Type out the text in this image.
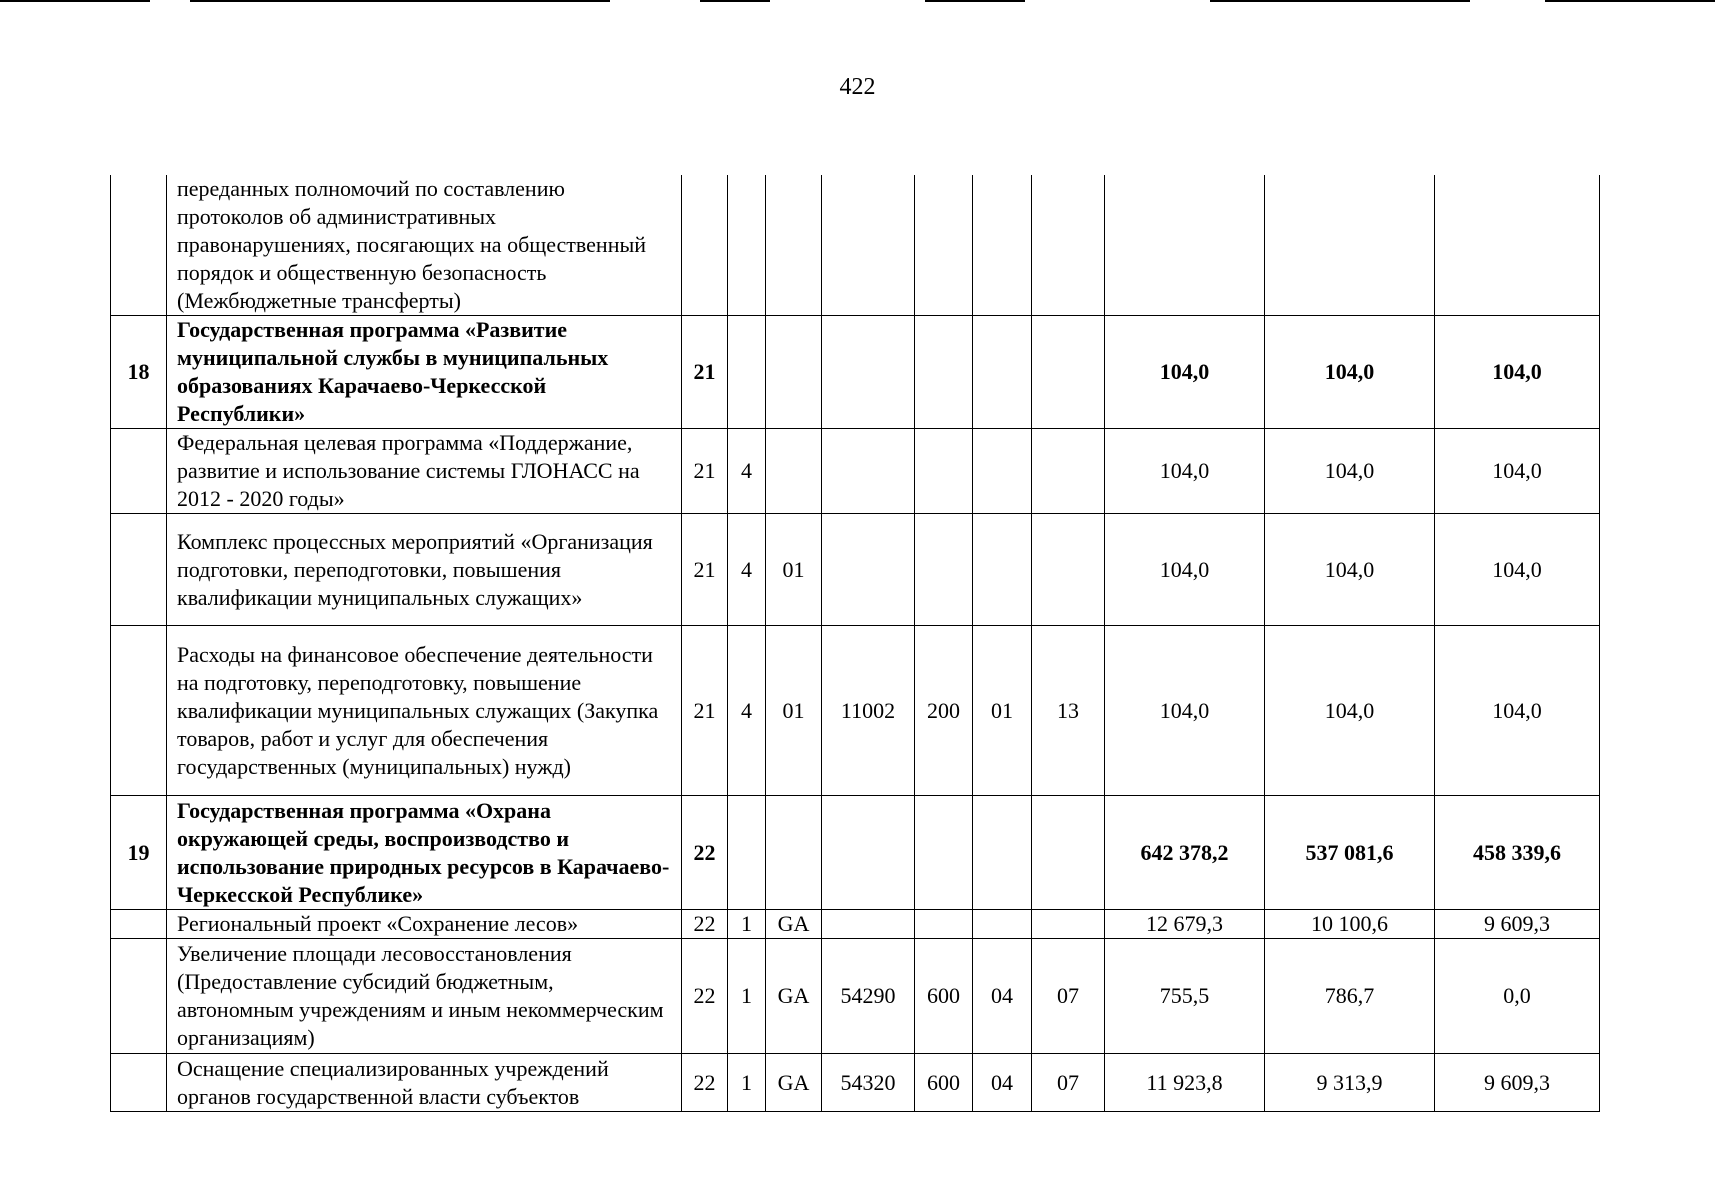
422
	переданных полномочий по составлению протоколов об административных правонарушениях, посягающих на общественный порядок и общественную безопасность (Межбюджетные трансферты)										
18	Государственная программа «Развитие муниципальной службы в муниципальных образованиях Карачаево-Черкесской Республики»	21							104,0	104,0	104,0
	Федеральная целевая программа «Поддержание, развитие и использование системы ГЛОНАСС на 2012 - 2020 годы»	21	4						104,0	104,0	104,0
	Комплекс процессных мероприятий «Организация подготовки, переподготовки, повышения квалификации муниципальных служащих»	21	4	01					104,0	104,0	104,0
	Расходы на финансовое обеспечение деятельности на подготовку, переподготовку, повышение квалификации муниципальных служащих (Закупка товаров, работ и услуг для обеспечения государственных (муниципальных) нужд)	21	4	01	11002	200	01	13	104,0	104,0	104,0
19	Государственная программа «Охрана окружающей среды, воспроизводство и использование природных ресурсов в Карачаево-Черкесской Республике»	22							642 378,2	537 081,6	458 339,6
	Региональный проект «Сохранение лесов»	22	1	GA					12 679,3	10 100,6	9 609,3
	Увеличение площади лесовосстановления (Предоставление субсидий бюджетным, автономным учреждениям и иным некоммерческим организациям)	22	1	GA	54290	600	04	07	755,5	786,7	0,0
	Оснащение специализированных учреждений органов государственной власти субъектов	22	1	GA	54320	600	04	07	11 923,8	9 313,9	9 609,3
